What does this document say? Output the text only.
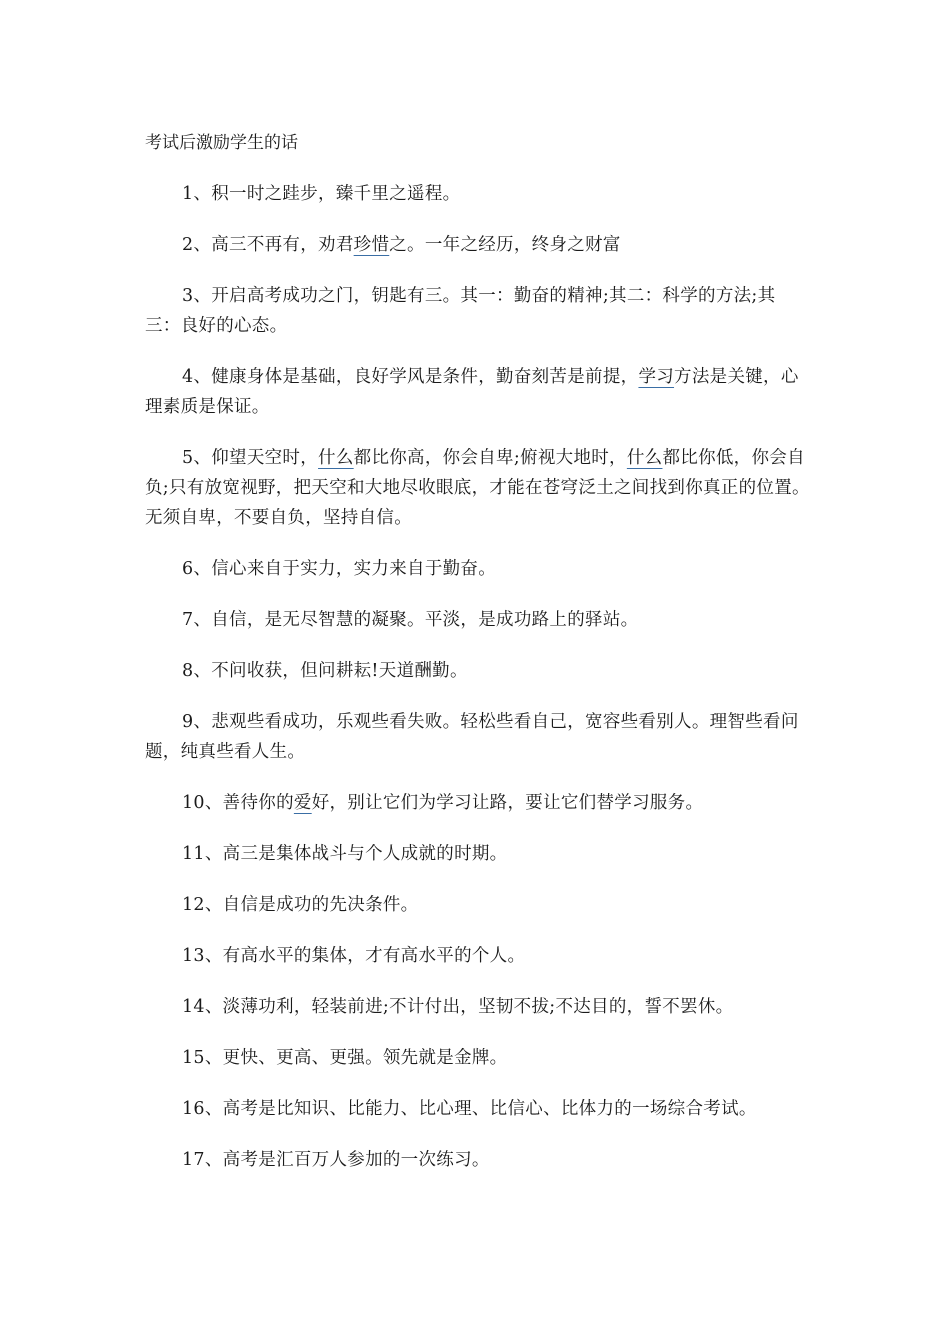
考试后激励学生的话

1、积一时之跬步，臻千里之遥程。

2、高三不再有，劝君珍惜之。一年之经历，终身之财富

3、开启高考成功之门，钥匙有三。其一：勤奋的精神;其二：科学的方法;其三：良好的心态。

4、健康身体是基础，良好学风是条件，勤奋刻苦是前提，学习方法是关键，心理素质是保证。

5、仰望天空时，什么都比你高，你会自卑;俯视大地时，什么都比你低，你会自负;只有放宽视野，把天空和大地尽收眼底，才能在苍穹泛土之间找到你真正的位置。无须自卑，不要自负，坚持自信。

6、信心来自于实力，实力来自于勤奋。

7、自信，是无尽智慧的凝聚。平淡，是成功路上的驿站。

8、不问收获，但问耕耘!天道酬勤。

9、悲观些看成功，乐观些看失败。轻松些看自己，宽容些看别人。理智些看问题，纯真些看人生。

10、善待你的爱好，别让它们为学习让路，要让它们替学习服务。

11、高三是集体战斗与个人成就的时期。

12、自信是成功的先决条件。

13、有高水平的集体，才有高水平的个人。

14、淡薄功利，轻装前进;不计付出，坚韧不拔;不达目的，誓不罢休。

15、更快、更高、更强。领先就是金牌。

16、高考是比知识、比能力、比心理、比信心、比体力的一场综合考试。

17、高考是汇百万人参加的一次练习。
